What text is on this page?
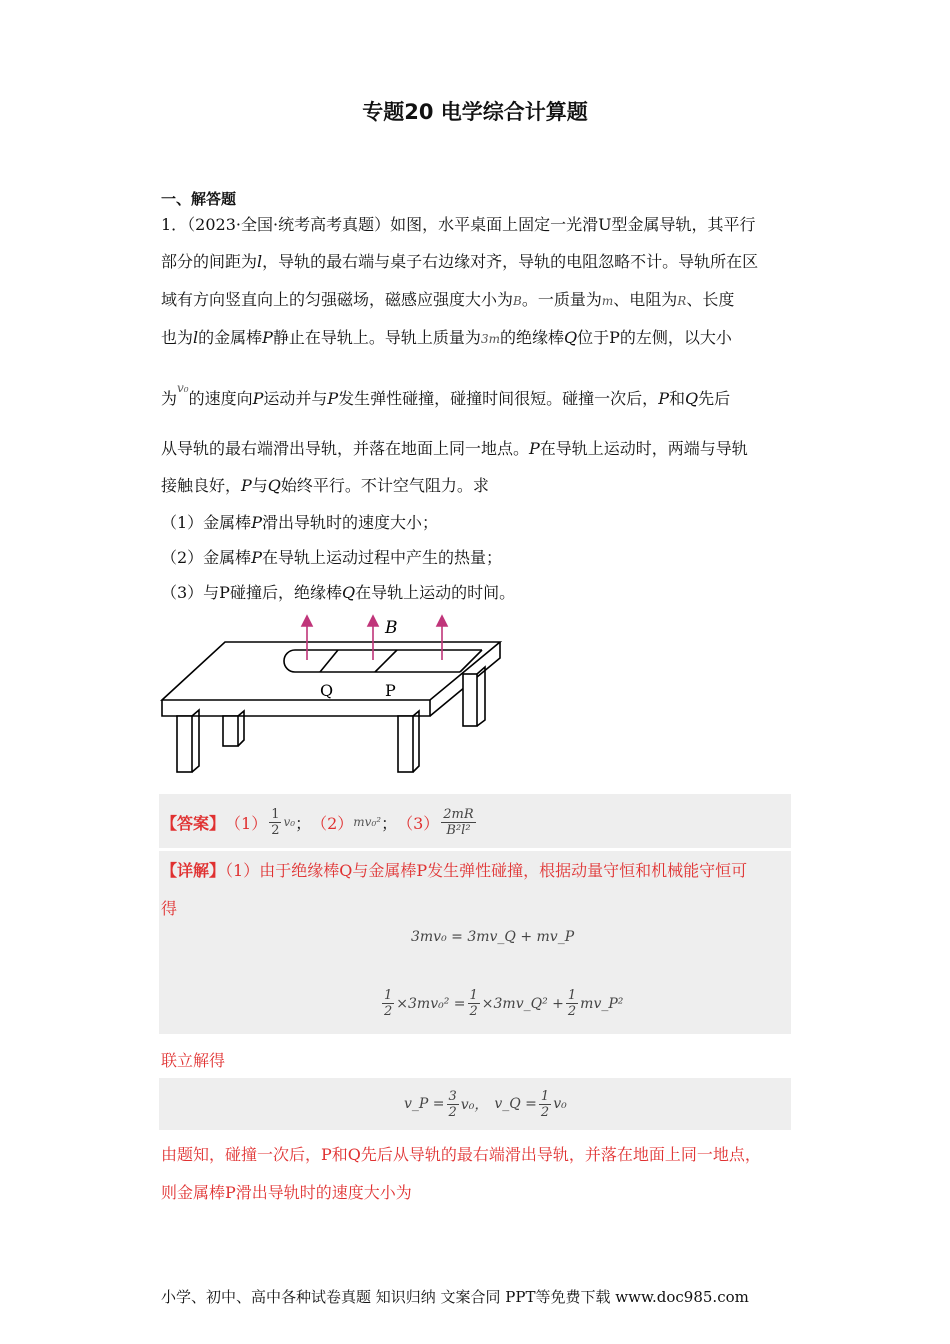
专题20 电学综合计算题
一、解答题
1．（2023·全国·统考高考真题）如图，水平桌面上固定一光滑U型金属导轨，其平行
部分的间距为l，导轨的最右端与桌子右边缘对齐，导轨的电阻忽略不计。导轨所在区
域有方向竖直向上的匀强磁场，磁感应强度大小为B。一质量为m、电阻为R、长度
也为l的金属棒P静止在导轨上。导轨上质量为3m的绝缘棒Q位于P的左侧，以大小
为$^{v_0}$的速度向P运动并与P发生弹性碰撞，碰撞时间很短。碰撞一次后，P和Q先后
从导轨的最右端滑出导轨，并落在地面上同一地点。P在导轨上运动时，两端与导轨
接触良好，P与Q始终平行。不计空气阻力。求
（1）金属棒P滑出导轨时的速度大小；
（2）金属棒P在导轨上运动过程中产生的热量；
（3）与P碰撞后，绝缘棒Q在导轨上运动的时间。
B
Q	P
【答案】 $(1) \frac{1}{2} v_0$ ； （2） mv₀² ； $(3) \frac{2mR}{\text{B²l²}}$
【详解】（1）由于绝缘棒Q与金属棒P发生弹性碰撞，根据动量守恒和机械能守恒可
得
3mv₀ = 3mv_Q + mv_P
$\frac{1}{2} \times 3mv_0^2 = \frac{1}{2}$ ×3mv_Q² + $\frac{1}{2}$ mv_P²
联立解得
v_P = $\frac{3}{2} v_0$， v_Q = $\frac{1}{2} v_0$
由题知，碰撞一次后，P和Q先后从导轨的最右端滑出导轨，并落在地面上同一地点，
则金属棒P滑出导轨时的速度大小为
小学、初中、高中各种试卷真题 知识归纳 文案合同 PPT等免费下载 www.doc985.com
